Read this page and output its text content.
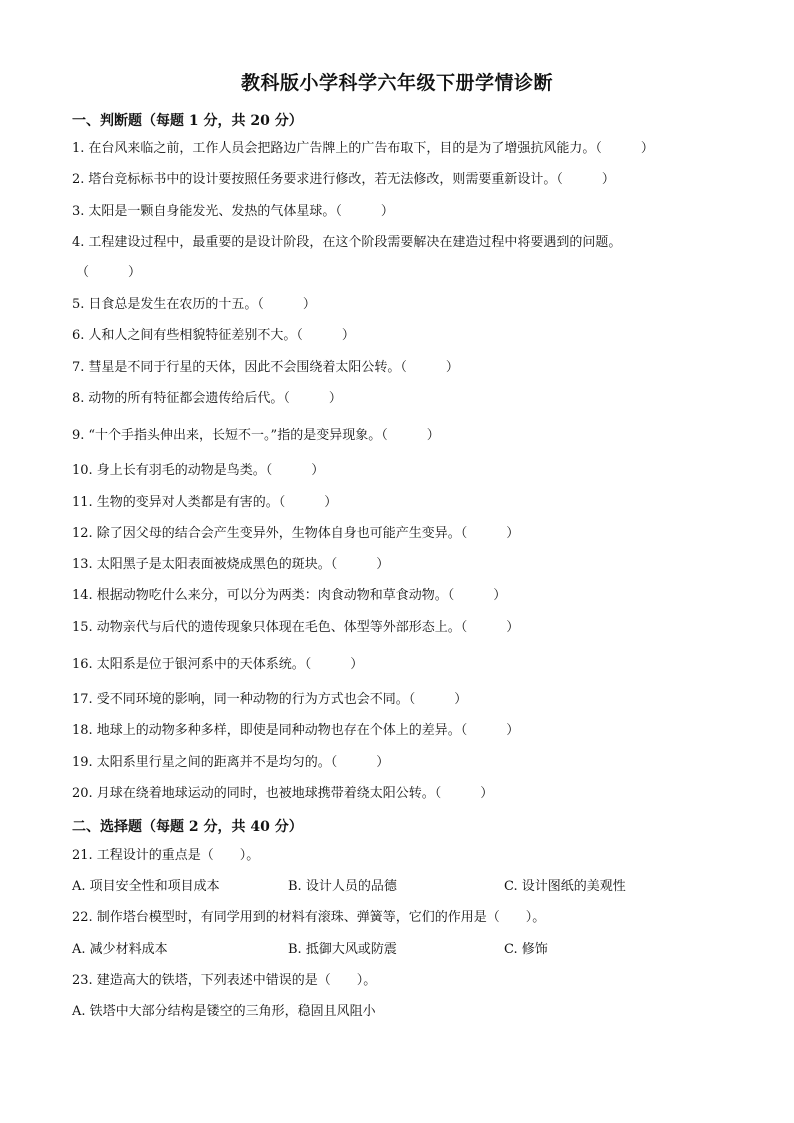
教科版小学科学六年级下册学情诊断
一、判断题（每题 1 分，共 20 分）
1. 在台风来临之前，工作人员会把路边广告牌上的广告布取下，目的是为了增强抗风能力。（　　　）
2. 塔台竞标标书中的设计要按照任务要求进行修改，若无法修改，则需要重新设计。（　　　）
3. 太阳是一颗自身能发光、发热的气体星球。（　　　）
4. 工程建设过程中，最重要的是设计阶段，在这个阶段需要解决在建造过程中将要遇到的问题。
（　　　）
5. 日食总是发生在农历的十五。（　　　）
6. 人和人之间有些相貌特征差别不大。（　　　）
7. 彗星是不同于行星的天体，因此不会围绕着太阳公转。（　　　）
8. 动物的所有特征都会遗传给后代。（　　　）
9. “十个手指头伸出来，长短不一。”指的是变异现象。（　　　）
10. 身上长有羽毛的动物是鸟类。（　　　）
11. 生物的变异对人类都是有害的。（　　　）
12. 除了因父母的结合会产生变异外，生物体自身也可能产生变异。（　　　）
13. 太阳黑子是太阳表面被烧成黑色的斑块。（　　　）
14. 根据动物吃什么来分，可以分为两类：肉食动物和草食动物。（　　　）
15. 动物亲代与后代的遗传现象只体现在毛色、体型等外部形态上。（　　　）
16. 太阳系是位于银河系中的天体系统。（　　　）
17. 受不同环境的影响，同一种动物的行为方式也会不同。（　　　）
18. 地球上的动物多种多样，即使是同种动物也存在个体上的差异。（　　　）
19. 太阳系里行星之间的距离并不是均匀的。（　　　）
20. 月球在绕着地球运动的同时，也被地球携带着绕太阳公转。（　　　）
二、选择题（每题 2 分，共 40 分）
21. 工程设计的重点是（　　）。
A. 项目安全性和项目成本	B. 设计人员的品德	C. 设计图纸的美观性
22. 制作塔台模型时，有同学用到的材料有滚珠、弹簧等，它们的作用是（　　）。
A. 减少材料成本	B. 抵御大风或防震	C. 修饰
23. 建造高大的铁塔，下列表述中错误的是（　　）。
A. 铁塔中大部分结构是镂空的三角形，稳固且风阻小
